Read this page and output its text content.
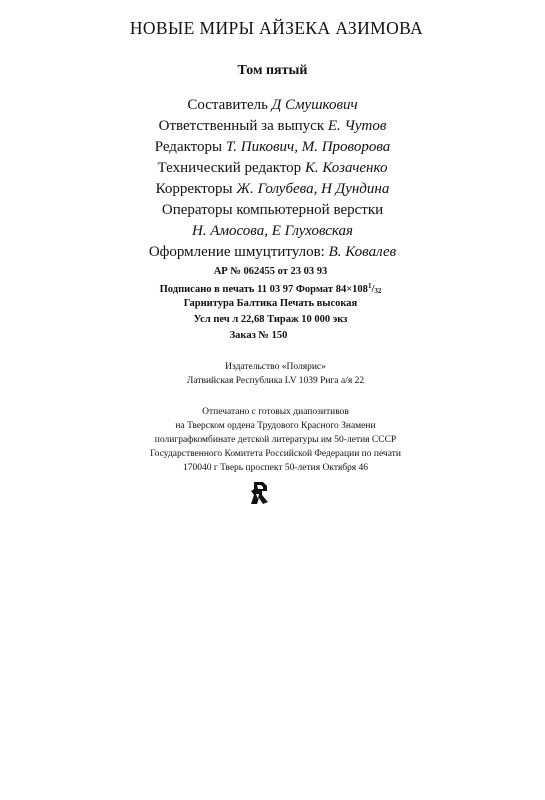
НОВЫЕ МИРЫ АЙЗЕКА АЗИМОВА
Том пятый
Составитель Д Смушкович
Ответственный за выпуск Е. Чутов
Редакторы Т. Пикович, М. Проворова
Технический редактор К. Козаченко
Корректоры Ж. Голубева, Н Дундина
Операторы компьютерной верстки
Н. Амосова, Е Глуховская
Оформление шмуцтитулов: В. Ковалев
АР № 062455 от 23 03 93
Подписано в печать 11 03 97 Формат $84\times 108^1/32$
Гарнитура Балтика Печать высокая
Усл печ л 22,68 Тираж 10 000 экз
Заказ № 150
Издательство «Полярис»
Латвийская Республика LV 1039 Рига а/я 22
Отпечатано с готовых диапозитивов
на Тверском ордена Трудового Красного Знамени
полиграфкомбинате детской литературы им 50-летия СССР
Государственного Комитета Российской Федерации по печати
170040 г Тверь проспект 50-летия Октября 46
